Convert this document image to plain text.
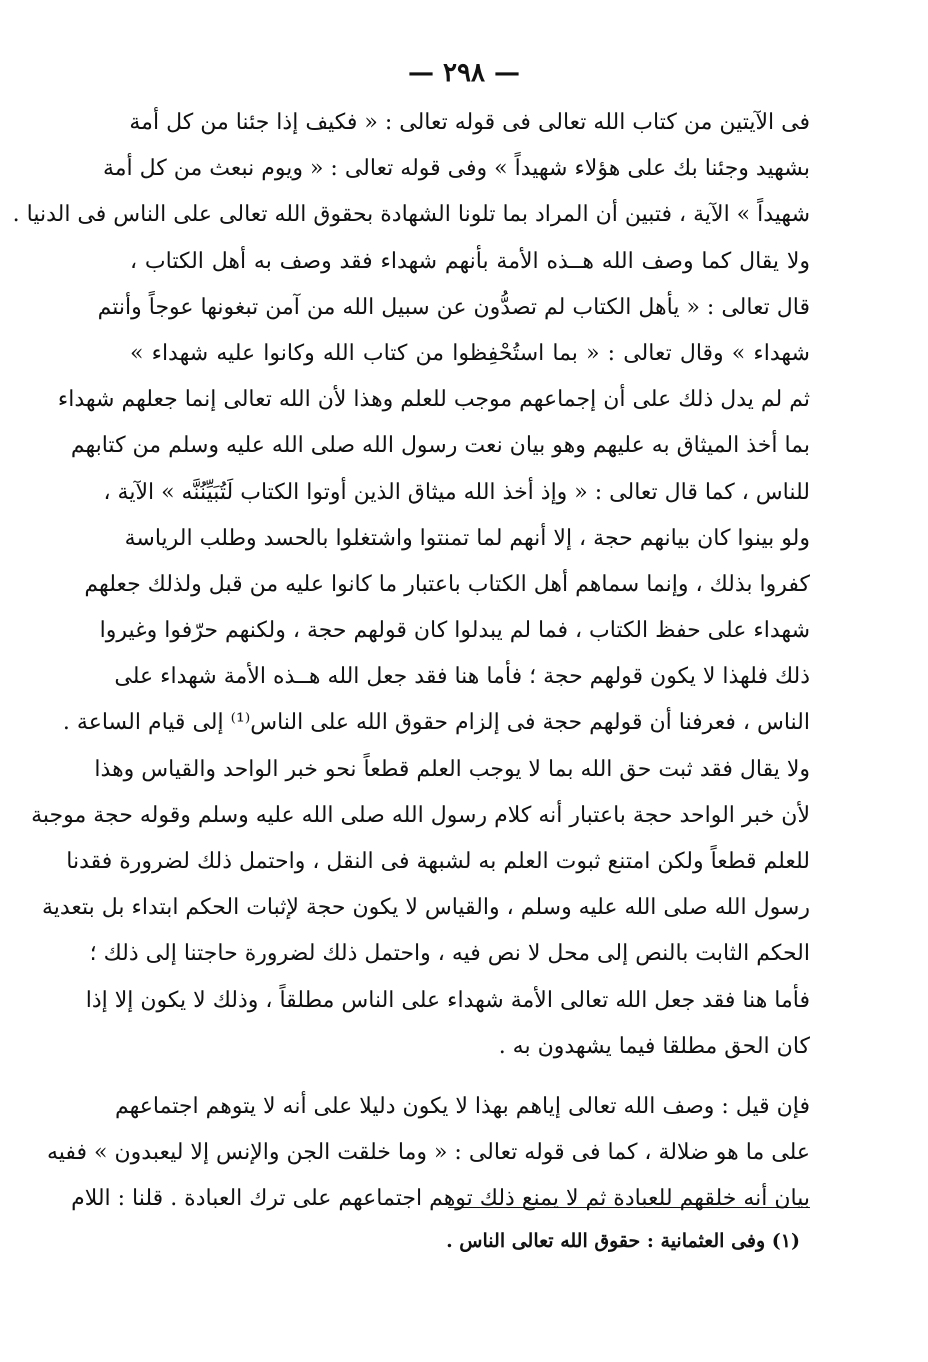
— ٢٩٨ —
فى الآيتين من كتاب الله تعالى فى قوله تعالى : « فكيف إذا جئنا من كل أمة
بشهيد وجئنا بك على هؤلاء شهيداً » وفى قوله تعالى : « ويوم نبعث من كل أمة
شهيداً » الآية ، فتبين أن المراد بما تلونا الشهادة بحقوق الله تعالى على الناس فى الدنيا .
ولا يقال كما وصف الله هــذه الأمة بأنهم شهداء فقد وصف به أهل الكتاب ،
قال تعالى : « يأهل الكتاب لم تصدُّون عن سبيل الله من آمن تبغونها عوجاً وأنتم
شهداء » وقال تعالى : « بما استُحْفِظوا من كتاب الله وكانوا عليه شهداء »
ثم لم يدل ذلك على أن إجماعهم موجب للعلم وهذا لأن الله تعالى إنما جعلهم شهداء
بما أخذ الميثاق به عليهم وهو بيان نعت رسول الله صلى الله عليه وسلم من كتابهم
للناس ، كما قال تعالى : « وإذ أخذ الله ميثاق الذين أوتوا الكتاب لَتُبَيِّنُنَّه » الآية ،
ولو بينوا كان بيانهم حجة ، إلا أنهم لما تمنتوا واشتغلوا بالحسد وطلب الرياسة
كفروا بذلك ، وإنما سماهم أهل الكتاب باعتبار ما كانوا عليه من قبل ولذلك جعلهم
شهداء على حفظ الكتاب ، فما لم يبدلوا كان قولهم حجة ، ولكنهم حرّفوا وغيروا
ذلك فلهذا لا يكون قولهم حجة ؛ فأما هنا فقد جعل الله هــذه الأمة شهداء على
الناس ، فعرفنا أن قولهم حجة فى إلزام حقوق الله على الناس⁽¹⁾ إلى قيام الساعة .
ولا يقال فقد ثبت حق الله بما لا يوجب العلم قطعاً نحو خبر الواحد والقياس وهذا
لأن خبر الواحد حجة باعتبار أنه كلام رسول الله صلى الله عليه وسلم وقوله حجة موجبة
للعلم قطعاً ولكن امتنع ثبوت العلم به لشبهة فى النقل ، واحتمل ذلك لضرورة فقدنا
رسول الله صلى الله عليه وسلم ، والقياس لا يكون حجة لإثبات الحكم ابتداء بل بتعدية
الحكم الثابت بالنص إلى محل لا نص فيه ، واحتمل ذلك لضرورة حاجتنا إلى ذلك ؛
فأما هنا فقد جعل الله تعالى الأمة شهداء على الناس مطلقاً ، وذلك لا يكون إلا إذا
كان الحق مطلقا فيما يشهدون به .
فإن قيل : وصف الله تعالى إياهم بهذا لا يكون دليلا على أنه لا يتوهم اجتماعهم
على ما هو ضلالة ، كما فى قوله تعالى : « وما خلقت الجن والإنس إلا ليعبدون » ففيه
بيان أنه خلقهم للعبادة ثم لا يمنع ذلك توهم اجتماعهم على ترك العبادة . قلنا : اللام
(١) وفى العثمانية : حقوق الله تعالى الناس .
